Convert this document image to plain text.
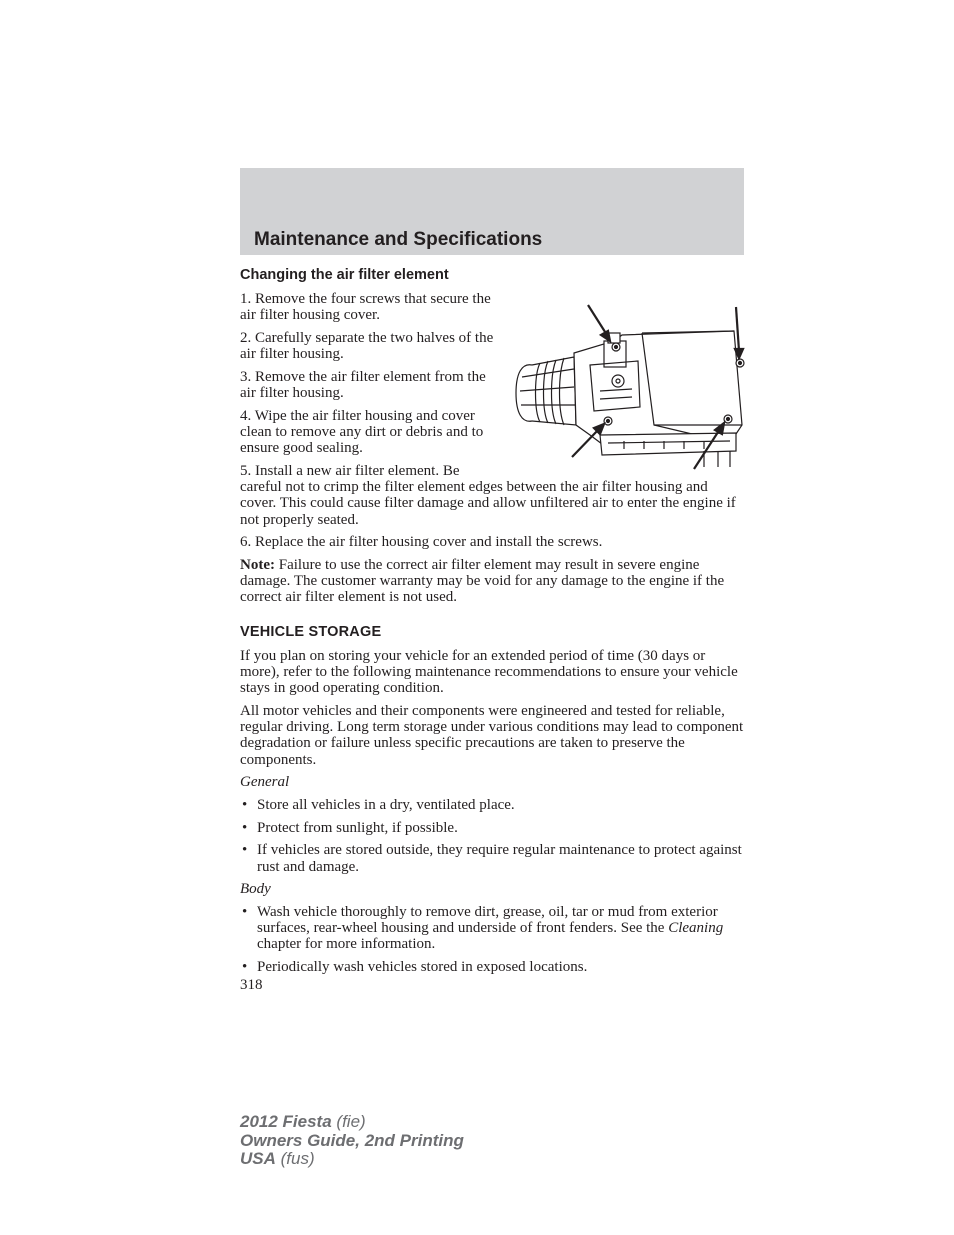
Maintenance and Specifications
Changing the air filter element

1. Remove the four screws that secure the air filter housing cover.

2. Carefully separate the two halves of the air filter housing.

3. Remove the air filter element from the air filter housing.

4. Wipe the air filter housing and cover clean to remove any dirt or debris and to ensure good sealing.

5. Install a new air filter element. Be careful not to crimp the filter element edges between the air filter housing and cover. This could cause filter damage and allow unfiltered air to enter the engine if not properly seated.

6. Replace the air filter housing cover and install the screws.

Note: Failure to use the correct air filter element may result in severe engine damage. The customer warranty may be void for any damage to the engine if the correct air filter element is not used.

VEHICLE STORAGE

If you plan on storing your vehicle for an extended period of time (30 days or more), refer to the following maintenance recommendations to ensure your vehicle stays in good operating condition.

All motor vehicles and their components were engineered and tested for reliable, regular driving. Long term storage under various conditions may lead to component degradation or failure unless specific precautions are taken to preserve the components.

General

• Store all vehicles in a dry, ventilated place.
• Protect from sunlight, if possible.
• If vehicles are stored outside, they require regular maintenance to protect against rust and damage.

Body

• Wash vehicle thoroughly to remove dirt, grease, oil, tar or mud from exterior surfaces, rear-wheel housing and underside of front fenders. See the Cleaning chapter for more information.
• Periodically wash vehicles stored in exposed locations.
318
2012 Fiesta (fie)
Owners Guide, 2nd Printing
USA (fus)
